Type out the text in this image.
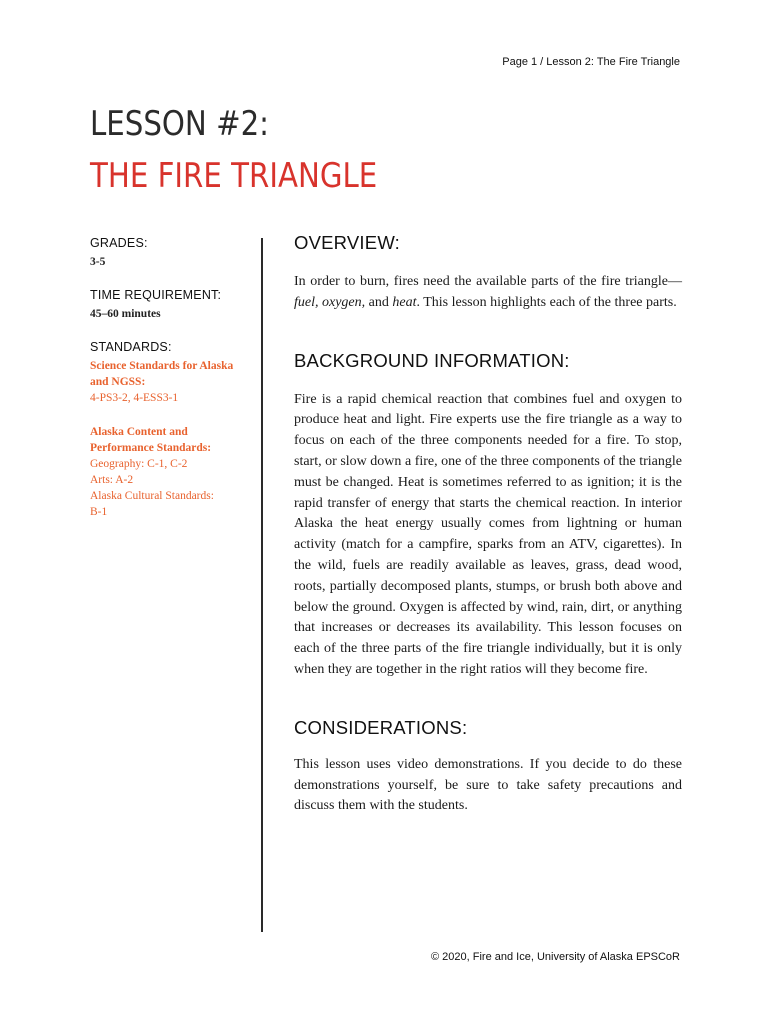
Page 1 / Lesson 2: The Fire Triangle
LESSON #2:
THE FIRE TRIANGLE

GRADES:

3-5

TIME REQUIREMENT:

45–60 minutes

STANDARDS:

Science Standards for Alaska and NGSS:
4-PS3-2, 4-ESS3-1
Alaska Content and Performance Standards:
Geography: C-1, C-2
Arts: A-2
Alaska Cultural Standards:
B-1
OVERVIEW:

In order to burn, fires need the available parts of the fire triangle—fuel, oxygen, and heat. This lesson highlights each of the three parts.

BACKGROUND INFORMATION:

Fire is a rapid chemical reaction that combines fuel and oxygen to produce heat and light. Fire experts use the fire triangle as a way to focus on each of the three components needed for a fire. To stop, start, or slow down a fire, one of the three components of the triangle must be changed. Heat is sometimes referred to as ignition; it is the rapid transfer of energy that starts the chemical reaction. In interior Alaska the heat energy usually comes from lightning or human activity (match for a campfire, sparks from an ATV, cigarettes). In the wild, fuels are readily available as leaves, grass, dead wood, roots, partially decomposed plants, stumps, or brush both above and below the ground. Oxygen is affected by wind, rain, dirt, or anything that increases or decreases its availability. This lesson focuses on each of the three parts of the fire triangle individually, but it is only when they are together in the right ratios will they become fire.

CONSIDERATIONS:

This lesson uses video demonstrations. If you decide to do these demonstrations yourself, be sure to take safety precautions and discuss them with the students.

© 2020, Fire and Ice, University of Alaska EPSCoR
